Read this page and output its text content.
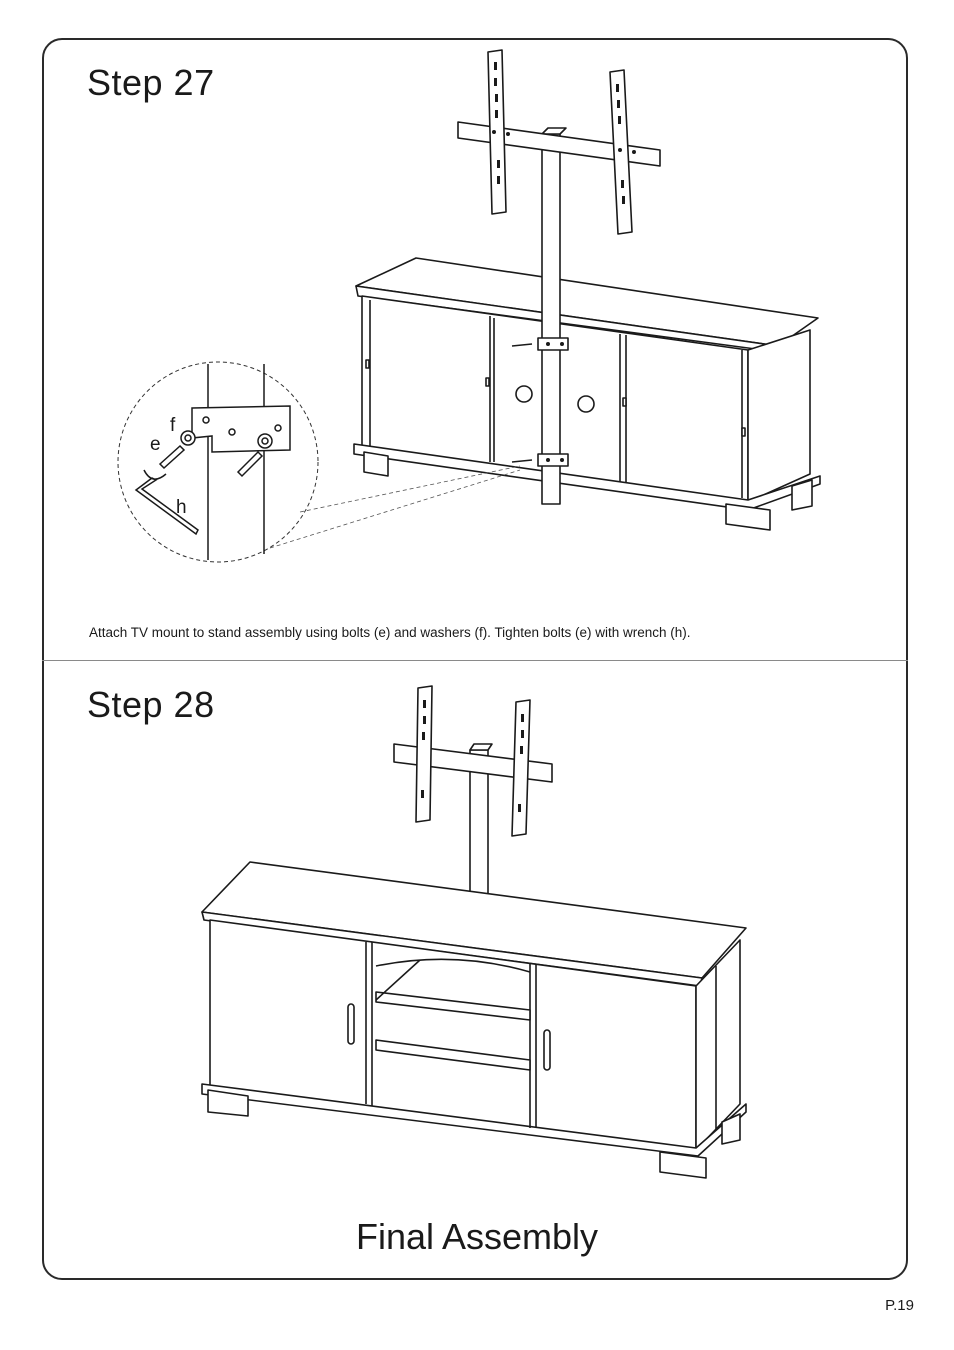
Step 27
Step 28
Attach TV mount to stand assembly using bolts (e) and washers (f). Tighten bolts (e) with wrench (h).
Final Assembly
P.19
f
e
h
